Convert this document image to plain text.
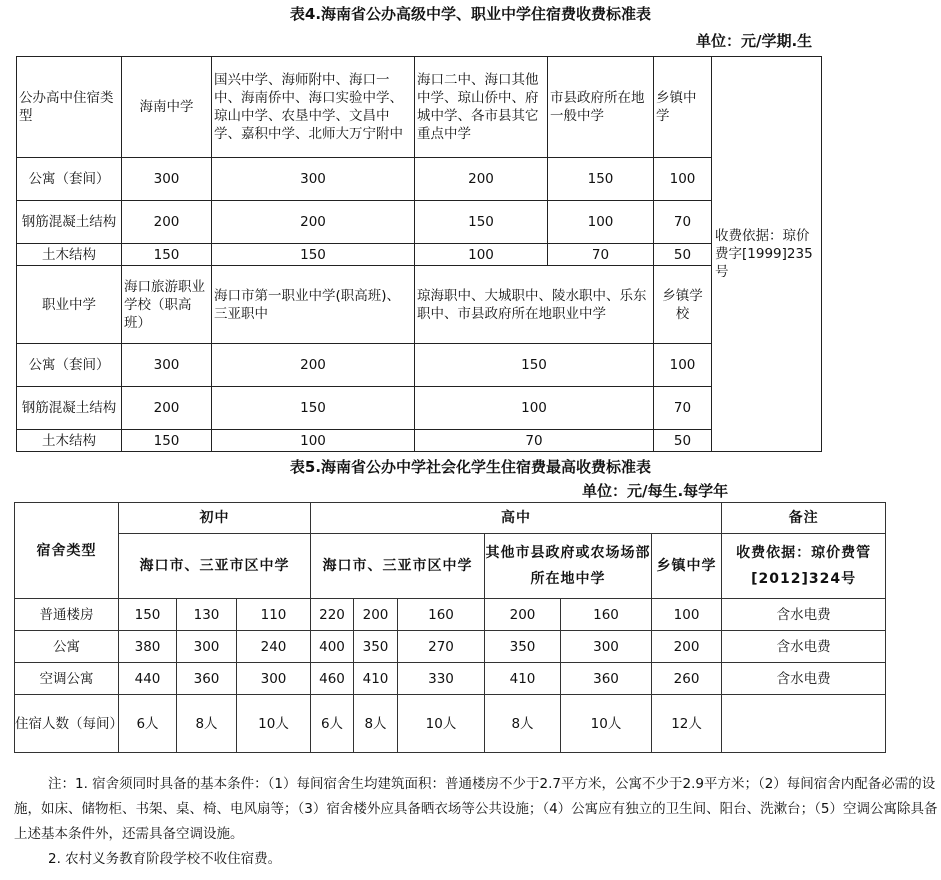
表4.海南省公办高级中学、职业中学住宿费收费标准表
单位：元/学期.生
公办高中住宿类型	海南中学	国兴中学、海师附中、海口一中、海南侨中、海口实验中学、琼山中学、农垦中学、文昌中学、嘉积中学、北师大万宁附中	海口二中、海口其他中学、琼山侨中、府城中学、各市县其它重点中学	市县政府所在地一般中学	乡镇中学	收费依据：琼价费字[1999]235号
公寓（套间）	300	300	200	150	100	
钢筋混凝土结构	200	200	150	100	70	
土木结构	150	150	100	70	50	
职业中学	海口旅游职业学校（职高班）	海口市第一职业中学(职高班)、三亚职中	琼海职中、大城职中、陵水职中、乐东职中、市县政府所在地职业中学		乡镇学校	
公寓（套间）	300	200	150		100	
钢筋混凝土结构	200	150	100		70	
土木结构	150	100	70		50	
表5.海南省公办中学社会化学生住宿费最高收费标准表
单位：元/每生.每学年
宿舍类型	初中			高中						备注
	海口市、三亚市区中学			海口市、三亚市区中学			其他市县政府或农场场部所在地中学		乡镇中学	收费依据：琼价费管[2012]324号
普通楼房	150	130	110	220	200	160	200	160	100	含水电费
公寓	380	300	240	400	350	270	350	300	200	含水电费
空调公寓	440	360	300	460	410	330	410	360	260	含水电费
住宿人数（每间）	6人	8人	10人	6人	8人	10人	8人	10人	12人	

注：1. 宿舍须同时具备的基本条件：（1）每间宿舍生均建筑面积：普通楼房不少于2.7平方米，公寓不少于2.9平方米；（2）每间宿舍内配备必需的设施，如床、储物柜、书架、桌、椅、电风扇等；（3）宿舍楼外应具备晒衣场等公共设施；（4）公寓应有独立的卫生间、阳台、洗漱台；（5）空调公寓除具备上述基本条件外，还需具备空调设施。

2. 农村义务教育阶段学校不收住宿费。
